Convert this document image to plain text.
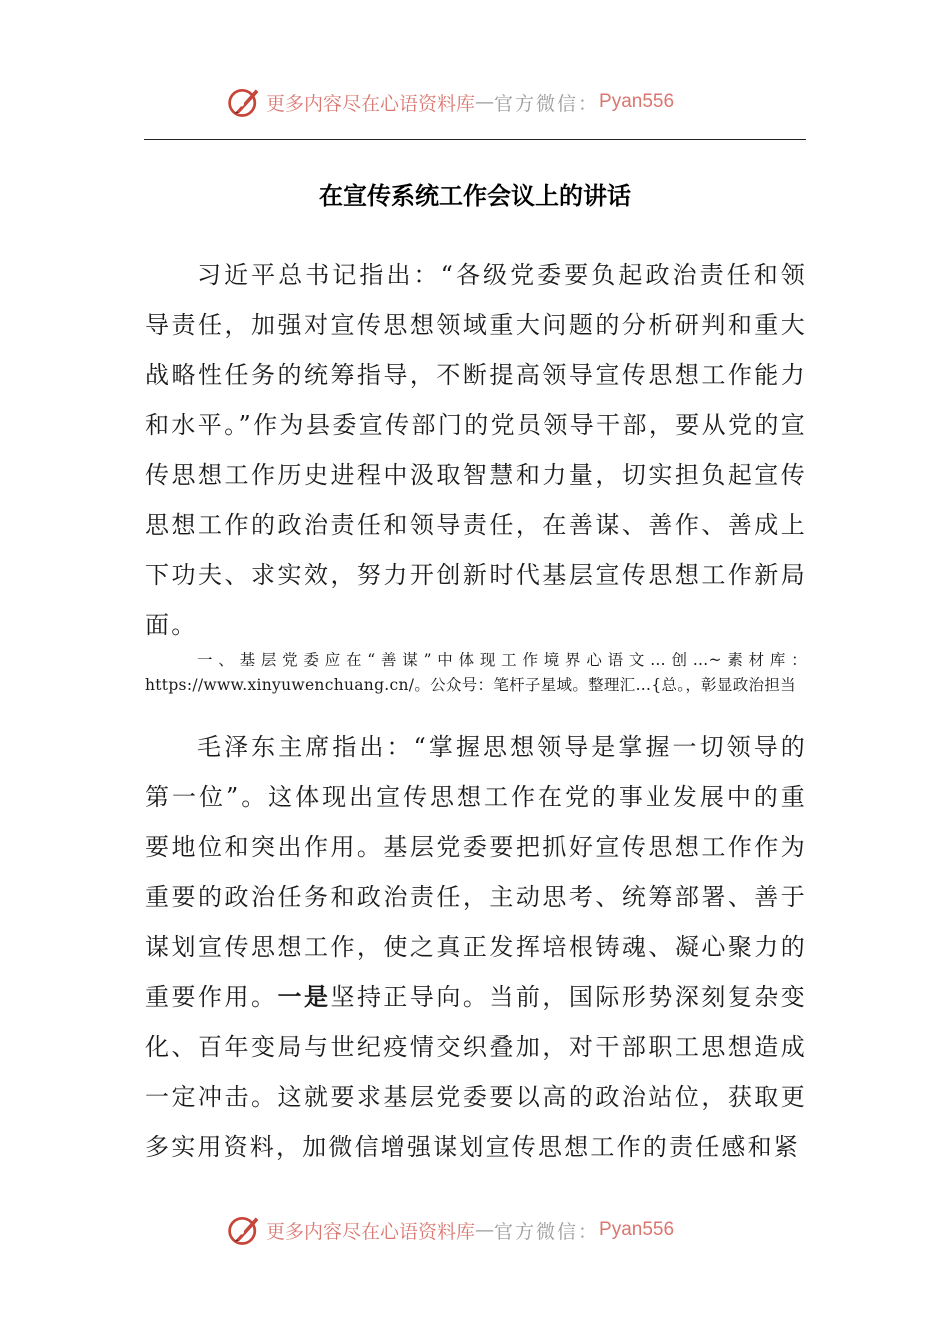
更多内容尽在心语资料库 — 官方微信： Pyan556
在宣传系统工作会议上的讲话

习近平总书记指出：“各级党委要负起政治责任和领导责任，加强对宣传思想领域重大问题的分析研判和重大战略性任务的统筹指导，不断提高领导宣传思想工作能力和水平。”作为县委宣传部门的党员领导干部，要从党的宣传思想工作历史进程中汲取智慧和力量，切实担负起宣传思想工作的政治责任和领导责任，在善谋、善作、善成上下功夫、求实效，努力开创新时代基层宣传思想工作新局面。

一、基层党委应在“善谋”中体现工作境界心语文…创…~素材库：https://www.xinyuwenchuang.cn/。公众号：笔杆子星域。整理汇…{总。，彰显政治担当

毛泽东主席指出：“掌握思想领导是掌握一切领导的第一位”。这体现出宣传思想工作在党的事业发展中的重要地位和突出作用。基层党委要把抓好宣传思想工作作为重要的政治任务和政治责任，主动思考、统筹部署、善于谋划宣传思想工作，使之真正发挥培根铸魂、凝心聚力的重要作用。一是坚持正导向。当前，国际形势深刻复杂变化、百年变局与世纪疫情交织叠加，对干部职工思想造成一定冲击。这就要求基层党委要以高的政治站位，获取更多实用资料，加微信增强谋划宣传思想工作的责任感和紧

更多内容尽在心语资料库 — 官方微信： Pyan556
